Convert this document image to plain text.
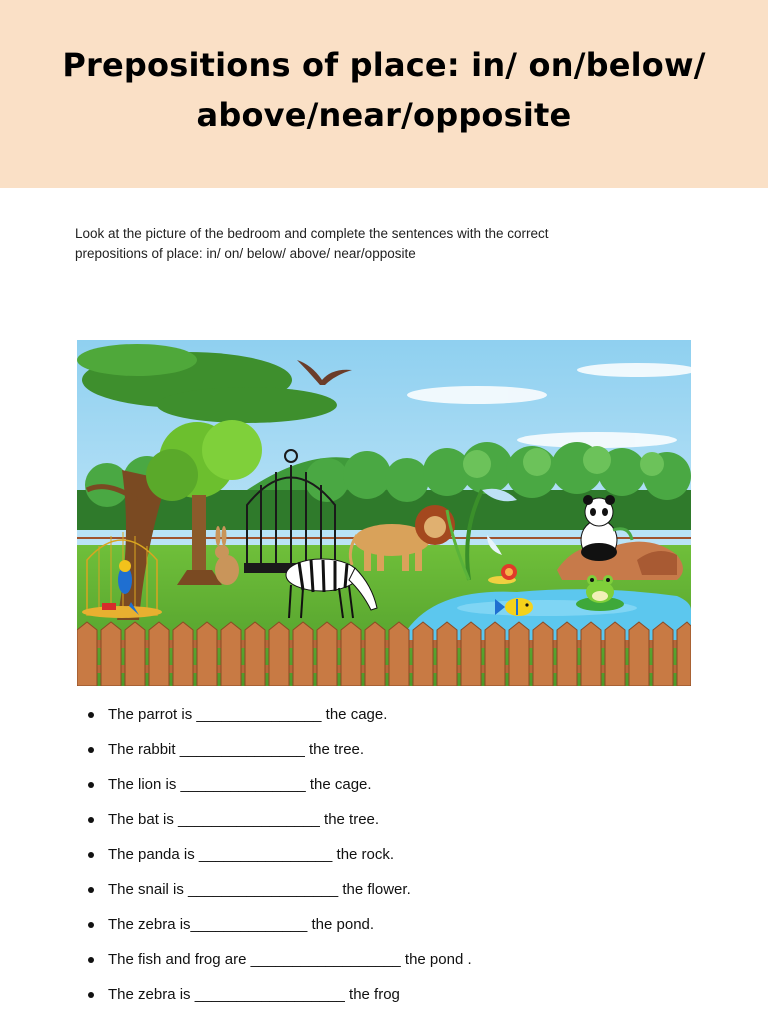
Prepositions of place: in/ on/below/
above/near/opposite
Look at the picture of the bedroom and complete the sentences with the correct
prepositions of place: in/ on/ below/ above/ near/opposite
The parrot is _______________ the cage.
The rabbit _______________ the tree.
The lion is _______________ the cage.
The bat is _________________ the tree.
The panda is ________________ the rock.
The snail is __________________ the flower.
The zebra is______________ the pond.
The fish and frog are __________________ the pond .
The zebra is __________________ the frog
